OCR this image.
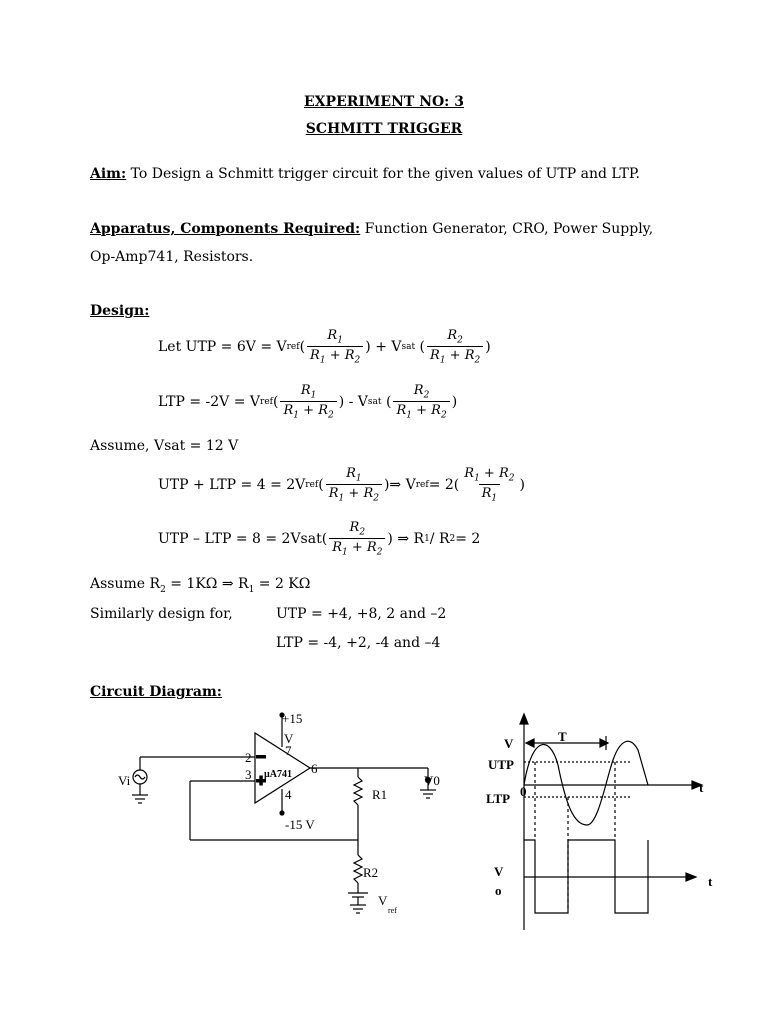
EXPERIMENT NO: 3
SCHMITT TRIGGER
Aim: To Design a Schmitt trigger circuit for the given values of UTP and LTP.
Apparatus, Components Required: Function Generator, CRO, Power Supply,
Op-Amp741, Resistors.
Design:
Let UTP = 6V = V ref ( $\frac{R_1}{R_1 + R_2}$ ) + V sat ( $\frac{R_2}{R_1 + R_2}$ )
LTP = -2V = V ref ( $\frac{R_1}{R_1 + R_2}$ ) - V sat ( $\frac{R_2}{R_1 + R_2}$ )
Assume, Vsat = 12 V
UTP + LTP = 4 = 2V ref ( $\frac{R_1}{R_1 + R_2}$ )⇒ V ref = $2( \frac{R_1 + R_2}{R_1}$ )
UTP – LTP = 8 = 2Vsat( $\frac{R_2}{R_1 + R_2}$ ) ⇒ R 1 / R 2 = 2
Assume $R_2 = 1K\Omega$ ⇒ $R_1 = 2$ KΩ
Similarly design for,	UTP = +4, +8, 2 and –2
LTP = -4, +2, -4 and –4
Circuit Diagram:
+15
V
7
2
3	6
4
µA741
Vi	V0
R1
R2
-15 V
V
ref
V	T
UTP
0
LTP
t
V
o
t
